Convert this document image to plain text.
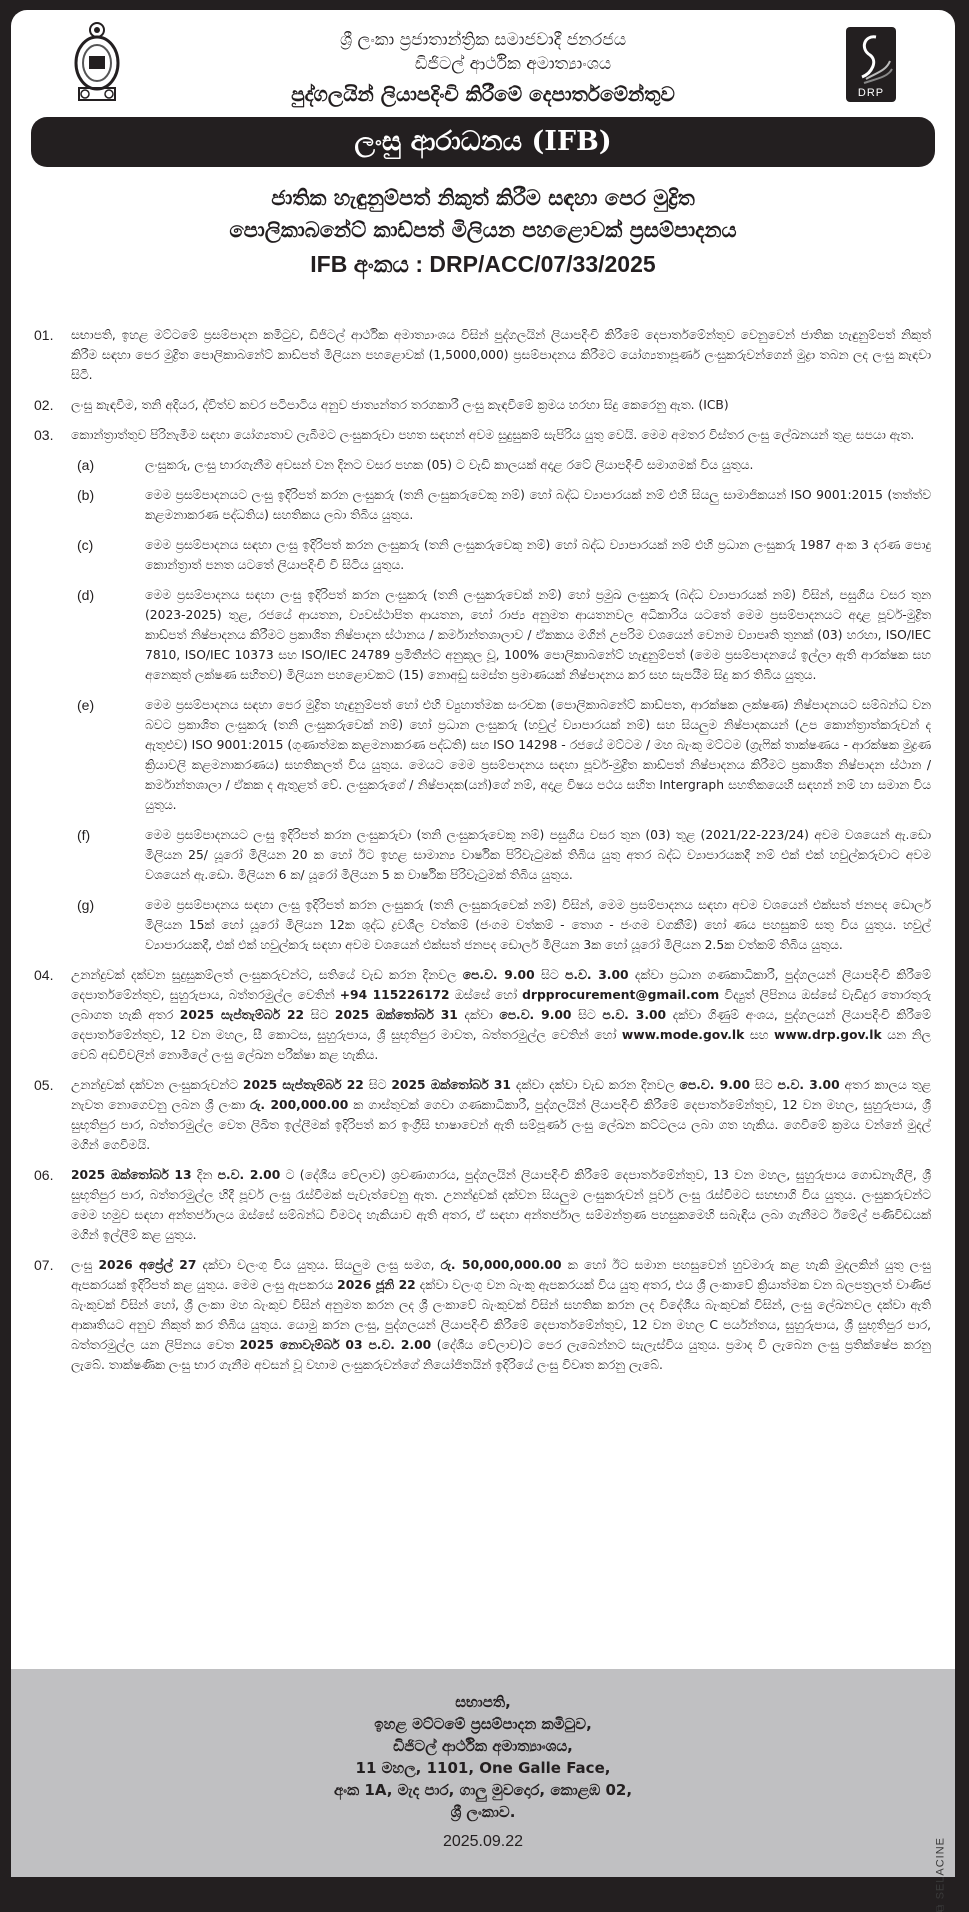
ශ්‍රී ලංකා ප්‍රජාතාන්ත්‍රික සමාජවාදී ජනරජය
ඩිජිටල් ආර්ථික අමාත්‍යාංශය
පුද්ගලයින් ලියාපදිංචි කිරීමේ දෙපාර්තමේන්තුව	DRP
ලංසු ආරාධනය (IFB)
ජාතික හැඳුනුම්පත් නිකුත් කිරීම සඳහා පෙර මුද්‍රිත
පොලිකාබනේට් කාඩ්පත් මිලියන පහළොවක් ප්‍රසම්පාදනය
IFB අංකය : DRP/ACC/07/33/2025
01.	සභාපති, ඉහළ මට්ටමේ ප්‍රසම්පාදන කමිටුව, ඩිජිටල් ආර්ථික අමාත්‍යාංශය විසින් පුද්ගලයින් ලියාපදිංචි කිරීමේ දෙපාර්තමේන්තුව වෙනුවෙන් ජාතික හැඳුනුම්පත් නිකුත් කිරීම සඳහා පෙර මුද්‍රිත පොලිකාබනේට් කාඩ්පත් මිලියන පහළොවක් (1,5000,000) ප්‍රසම්පාදනය කිරීමට යෝග්‍යතාපූර්ණ ලංසුකරුවන්ගෙන් මුද්‍රා තබන ලද ලංසු කැඳවා සිටී.
02.	ලංසු කැඳවීම, තනි අදියර, ද්විත්ව කවර පටිපාටිය අනුව ජාත්‍යන්තර තරගකාරී ලංසු කැඳවීමේ ක්‍රමය හරහා සිදු කෙරෙනු ඇත. (ICB)
03.	කොන්ත්‍රාත්තුව පිරිනැමීම සඳහා යෝග්‍යතාව ලැබීමට ලංසුකරුවා පහත සඳහන් අවම සුදුසුකම් සැපිරිය යුතු වෙයි. මෙම අමතර විස්තර ලංසු ලේඛනයන් තුළ සපයා ඇත.
(a)	ලංසුකරු, ලංසු භාරගැනීම අවසන් වන දිනට වසර පහක (05) ට වැඩි කාලයක් අදාළ රටේ ලියාපදිංචි සමාගමක් විය යුතුය.
(b)	මෙම ප්‍රසම්පාදනයට ලංසු ඉදිරිපත් කරන ලංසුකරු (තනි ලංසුකරුවෙකු නම්) හෝ බද්ධ ව්‍යාපාරයක් නම් එහි සියලු සාමාජිකයන් ISO 9001:2015 (තත්ත්ව කළමනාකරණ පද්ධතිය) සහතිකය ලබා තිබිය යුතුය.
(c)	මෙම ප්‍රසම්පාදනය සඳහා ලංසු ඉදිරිපත් කරන ලංසුකරු (තනි ලංසුකරුවෙකු නම්) හෝ බද්ධ ව්‍යාපාරයක් නම් එහි ප්‍රධාන ලංසුකරු 1987 අංක 3 දරණ පොදු කොන්ත්‍රාත් පනත යටතේ ලියාපදිංචි වී සිටිය යුතුය.
(d)	මෙම ප්‍රසම්පාදනය සඳහා ලංසු ඉදිරිපත් කරන ලංසුකරු (තනි ලංසුකරුවෙක් නම්) හෝ ප්‍රමුඛ ලංසුකරු (බද්ධ ව්‍යාපාරයක් නම්) විසින්, පසුගිය වසර තුන (2023-2025) තුළ, රජයේ ආයතන, ව්‍යවස්ථාපිත ආයතන, හෝ රාජ්‍ය අනුමත ආයතනවල අධිකාරිය යටතේ මෙම ප්‍රසම්පාදනයට අදාළ පූර්ව-මුද්‍රිත කාඩ්පත් නිෂ්පාදනය කිරීමට ප්‍රකාශිත නිෂ්පාදන ස්ථානය / කර්මාන්තශාලාව / ඒකකය මගින් උපරිම වශයෙන් වෙනම ව්‍යාපෘති තුනක් (03) හරහා, ISO/IEC 7810, ISO/IEC 10373 සහ ISO/IEC 24789 ප්‍රමිතීන්ට අනුකූල වූ, 100% පොලිකාබනේට් හැඳුනුම්පත් (මෙම ප්‍රසම්පාදනයේ ඉල්ලා ඇති ආරක්ෂක සහ අනෙකුත් ලක්ෂණ සහිතව) මිලියන පහළොවකට (15) නොඅඩු සමස්ත ප්‍රමාණයක් නිෂ්පාදනය කර සහ සැපයීම සිදු කර තිබිය යුතුය.
(e)	මෙම ප්‍රසම්පාදනය සඳහා පෙර මුද්‍රිත හැඳුනුම්පත් හෝ එහි ව්‍යුහාත්මක සංරචක (පොලිකාබනේට් කාඩ්පත, ආරක්ෂක ලක්ෂණ) නිෂ්පාදනයට සම්බන්ධ වන බවට ප්‍රකාශිත ලංසුකරු (තනි ලංසුකරුවෙක් නම්) හෝ ප්‍රධාන ලංසුකරු (හවුල් ව්‍යාපාරයක් නම්) සහ සියලුම නිෂ්පාදකයන් (උප කොන්ත්‍රාත්කරුවන් ද ඇතුළුව) ISO 9001:2015 (ගුණාත්මක කළමනාකරණ පද්ධති) සහ ISO 14298 - රජයේ මට්ටම / මහ බැංකු මට්ටම (ග්‍රැෆික් තාක්ෂණය - ආරක්ෂක මුද්‍රණ ක්‍රියාවලි කළමනාකරණය) සහතිකලත් විය යුතුය. මෙයට මෙම ප්‍රසම්පාදනය සඳහා පූර්ව-මුද්‍රිත කාඩ්පත් නිෂ්පාදනය කිරීමට ප්‍රකාශිත නිෂ්පාදන ස්ථාන / කර්මාන්තශාලා / ඒකක ද ඇතුළත් වේ. ලංසුකරුගේ / නිෂ්පාදක(යන්)ගේ නම්, අදාළ විෂය පථය සහිත Intergraph සහතිකයෙහි සඳහන් නම් හා සමාන විය යුතුය.
(f)	මෙම ප්‍රසම්පාදනයට ලංසු ඉදිරිපත් කරන ලංසුකරුවා (තනි ලංසුකරුවෙකු නම්) පසුගිය වසර තුන (03) තුළ (2021/22-223/24) අවම වශයෙන් ඇ.ඩො මිලියන 25/ යූරෝ මිලියන 20 ක හෝ ඊට ඉහළ සාමාන්‍ය වාර්ෂික පිරිවැටුමක් තිබිය යුතු අතර බද්ධ ව්‍යාපාරයකදී නම් එක් එක් හවුල්කරුවාට අවම වශයෙන් ඇ.ඩො. මිලියන 6 ක/ යූරෝ මිලියන 5 ක වාර්ෂික පිරිවැටුමක් තිබිය යුතුය.
(g)	මෙම ප්‍රසම්පාදනය සඳහා ලංසු ඉදිරිපත් කරන ලංසුකරු (තනි ලංසුකරුවෙක් නම්) විසින්, මෙම ප්‍රසම්පාදනය සඳහා අවම වශයෙන් එක්සත් ජනපද ඩොලර් මිලියන 15ක් හෝ යූරෝ මිලියන 12ක ශුද්ධ ද්‍රවශීල වත්කම් (ජංගම වත්කම් - තොග - ජංගම වගකීම්) හෝ ණය පහසුකම් සතු විය යුතුය. හවුල් ව්‍යාපාරයකදී, එක් එක් හවුල්කරු සඳහා අවම වශයෙන් එක්සත් ජනපද ඩොලර් මිලියන 3ක හෝ යූරෝ මිලියන 2.5ක වත්කම් තිබිය යුතුය.
04.	උනන්දුවක් දක්වන සුදුසුකම්ලත් ලංසුකරුවන්ට, සතියේ වැඩ කරන දිනවල පෙ.ව. 9.00 සිට ප.ව. 3.00 දක්වා ප්‍රධාන ගණකාධිකාරී, පුද්ගලයන් ලියාපදිංචි කිරීමේ දෙපාර්තමේන්තුව, සුහුරුපාය, බත්තරමුල්ල වෙතින් +94 115226172 ඔස්සේ හෝ drpprocurement@gmail.com විද්‍යුත් ලිපිනය ඔස්සේ වැඩිදුර තොරතුරු ලබාගත හැකි අතර 2025 සැප්තැම්බර් 22 සිට 2025 ඔක්තෝබර් 31 දක්වා පෙ.ව. 9.00 සිට ප.ව. 3.00 දක්වා ගිණුම් අංශය, පුද්ගලයන් ලියාපදිංචි කිරීමේ දෙපාර්තමේන්තුව, 12 වන මහල, සී කොටස, සුහුරුපාය, ශ්‍රී සුභූතිපුර මාවත, බත්තරමුල්ල වෙතින් හෝ www.mode.gov.lk සහ www.drp.gov.lk යන නිල වෙබ් අඩවිවලින් නොමිලේ ලංසු ලේඛන පරීක්ෂා කළ හැකිය.
05.	උනන්දුවක් දක්වන ලංසුකරුවන්ට 2025 සැප්තැම්බර් 22 සිට 2025 ඔක්තෝබර් 31 දක්වා දක්වා වැඩ කරන දිනවල පෙ.ව. 9.00 සිට ප.ව. 3.00 අතර කාලය තුළ නැවත නොගෙවනු ලබන ශ්‍රී ලංකා රු. 200,000.00 ක ගාස්තුවක් ගෙවා ගණකාධිකාරී, පුද්ගලයින් ලියාපදිංචි කිරීමේ දෙපාර්තමේන්තුව, 12 වන මහල, සුහුරුපාය, ශ්‍රී සුභූතිපුර පාර, බත්තරමුල්ල වෙත ලිඛිත ඉල්ලීමක් ඉදිරිපත් කර ඉංග්‍රීසි භාෂාවෙන් ඇති සම්පූර්ණ ලංසු ලේඛන කට්ටලය ලබා ගත හැකිය. ගෙවීමේ ක්‍රමය වන්නේ මුදල් මගින් ගෙවීමයි.
06.	2025 ඔක්තෝබර් 13 දින ප.ව. 2.00 ට (දේශීය වේලාව) ශ්‍රවණාගාරය, පුද්ගලයින් ලියාපදිංචි කිරීමේ දෙපාර්තමේන්තුව, 13 වන මහල, සුහුරුපාය ගොඩනැගිලි, ශ්‍රී සුභූතිපුර පාර, බත්තරමුල්ල හිදී පූර්ව ලංසු රැස්වීමක් පැවැත්වෙනු ඇත. උනන්දුවක් දක්වන සියලුම ලංසුකරුවන් පූර්ව ලංසු රැස්වීමට සහභාගි විය යුතුය. ලංසුකරුවන්ට මෙම හමුව සඳහා අන්තර්ජාලය ඔස්සේ සම්බන්ධ වීමටද හැකියාව ඇති අතර, ඒ සඳහා අන්තර්ජාල සම්මන්ත්‍රණ පහසුකමෙහි සබැඳිය ලබා ගැනීමට ඊමේල් පණිවිඩයක් මගින් ඉල්ලීම් කළ යුතුය.
07.	ලංසු 2026 අප්‍රේල් 27 දක්වා වලංගු විය යුතුය. සියලුම ලංසු සමග, රු. 50,000,000.00 ක හෝ ඊට සමාන පහසුවෙන් හුවමාරු කළ හැකි මුදලකින් යුතු ලංසු ඇපකරයක් ඉදිරිපත් කළ යුතුය. මෙම ලංසු ඇපකරය 2026 ජූනි 22 දක්වා වලංගු වන බැංකු ඇපකරයක් විය යුතු අතර, එය ශ්‍රී ලංකාවේ ක්‍රියාත්මක වන බලපත්‍රලත් වාණිජ බැංකුවක් විසින් හෝ, ශ්‍රී ලංකා මහ බැංකුව විසින් අනුමත කරන ලද ශ්‍රී ලංකාවේ බැංකුවක් විසින් සහතික කරන ලද විදේශීය බැංකුවක් විසින්, ලංසු ලේඛනවල දක්වා ඇති ආකෘතියට අනුව නිකුත් කර තිබිය යුතුය. යොමු කරන ලංසු, පුද්ගලයන් ලියාපදිංචි කිරීමේ දෙපාර්තමේන්තුව, 12 වන මහල C පර්යන්තය, සුහුරුපාය, ශ්‍රී සුභූතිපුර පාර, බත්තරමුල්ල යන ලිපිනය වෙත 2025 නොවැම්බර් 03 ප.ව. 2.00 (දේශීය වේලාව)ට පෙර ලැබෙන්නට සැලැස්විය යුතුය. ප්‍රමාද වී ලැබෙන ලංසු ප්‍රතික්ෂේප කරනු ලැබේ. තාක්ෂණික ලංසු භාර ගැනීම අවසන් වූ වහාම ලංසුකරුවන්ගේ නියෝජිතයින් ඉදිරියේ ලංසු විවෘත කරනු ලැබේ.
සභාපති,
ඉහළ මට්ටමේ ප්‍රසම්පාදන කමිටුව,
ඩිජිටල් ආර්ථික අමාත්‍යාංශය,
11 මහල, 1101, One Galle Face,
අංක 1A, මැද පාර, ගාලු මුවදොර, කොළඹ 02,
ශ්‍රී ලංකාව.
2025.09.22
⧉ SELACINE
